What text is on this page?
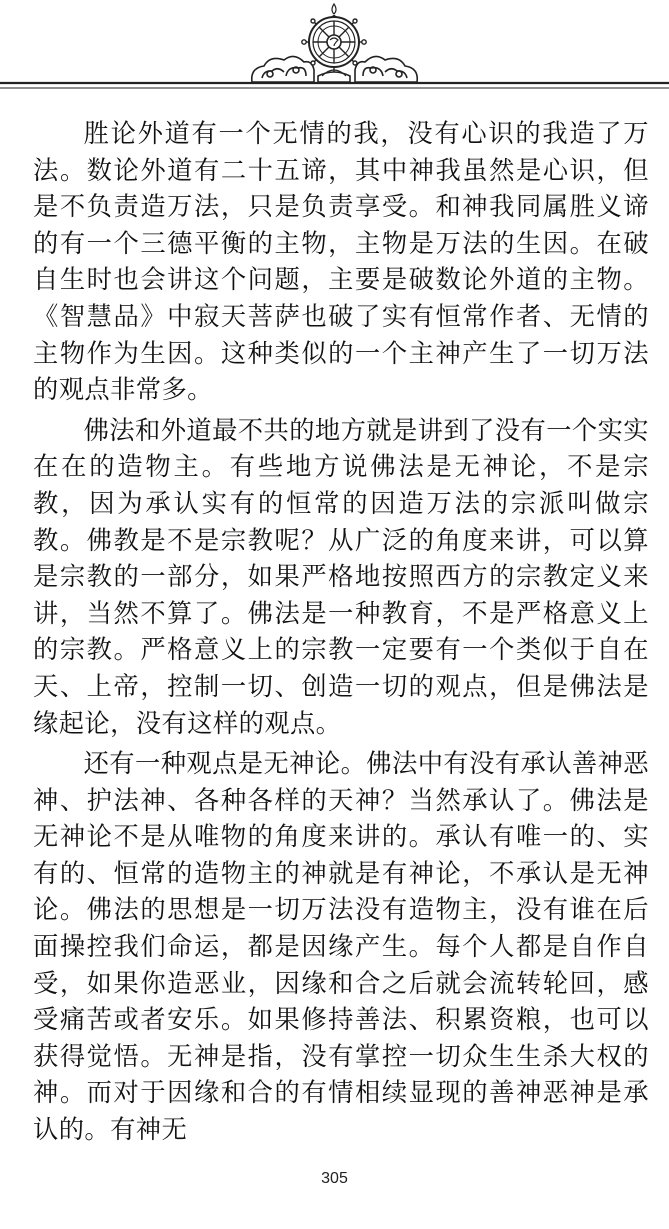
胜论外道有一个无情的我，没有心识的我造了万法。数论外道有二十五谛，其中神我虽然是心识，但是不负责造万法，只是负责享受。和神我同属胜义谛的有一个三德平衡的主物，主物是万法的生因。在破自生时也会讲这个问题，主要是破数论外道的主物。《智慧品》中寂天菩萨也破了实有恒常作者、无情的主物作为生因。这种类似的一个主神产生了一切万法的观点非常多。

佛法和外道最不共的地方就是讲到了没有一个实实在在的造物主。有些地方说佛法是无神论，不是宗教，因为承认实有的恒常的因造万法的宗派叫做宗教。佛教是不是宗教呢？从广泛的角度来讲，可以算是宗教的一部分，如果严格地按照西方的宗教定义来讲，当然不算了。佛法是一种教育，不是严格意义上的宗教。严格意义上的宗教一定要有一个类似于自在天、上帝，控制一切、创造一切的观点，但是佛法是缘起论，没有这样的观点。

还有一种观点是无神论。佛法中有没有承认善神恶神、护法神、各种各样的天神？当然承认了。佛法是无神论不是从唯物的角度来讲的。承认有唯一的、实有的、恒常的造物主的神就是有神论，不承认是无神论。佛法的思想是一切万法没有造物主，没有谁在后面操控我们命运，都是因缘产生。每个人都是自作自受，如果你造恶业，因缘和合之后就会流转轮回，感受痛苦或者安乐。如果修持善法、积累资粮，也可以获得觉悟。无神是指，没有掌控一切众生生杀大权的神。而对于因缘和合的有情相续显现的善神恶神是承认的。有神无

305
